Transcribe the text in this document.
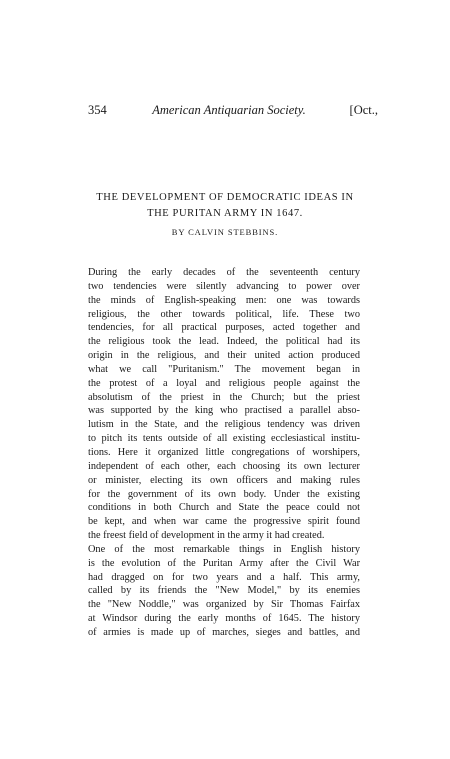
354	American Antiquarian Society.	[Oct.,
THE DEVELOPMENT OF DEMOCRATIC IDEAS IN
THE PURITAN ARMY IN 1647.
BY CALVIN STEBBINS.

During the early decades of the seventeenth century
two tendencies were silently advancing to power over
the minds of English-speaking men: one was towards
religious, the other towards political, life. These two
tendencies, for all practical purposes, acted together and
the religious took the lead. Indeed, the political had its
origin in the religious, and their united action produced
what we call "Puritanism." The movement began in
the protest of a loyal and religious people against the
absolutism of the priest in the Church; but the priest
was supported by the king who practised a parallel abso-
lutism in the State, and the religious tendency was driven
to pitch its tents outside of all existing ecclesiastical institu-
tions. Here it organized little congregations of worshipers,
independent of each other, each choosing its own lecturer
or minister, electing its own officers and making rules
for the government of its own body. Under the existing
conditions in both Church and State the peace could not
be kept, and when war came the progressive spirit found
the freest field of development in the army it had created.

One of the most remarkable things in English history
is the evolution of the Puritan Army after the Civil War
had dragged on for two years and a half. This army,
called by its friends the "New Model," by its enemies
the "New Noddle," was organized by Sir Thomas Fairfax
at Windsor during the early months of 1645. The history
of armies is made up of marches, sieges and battles, and
